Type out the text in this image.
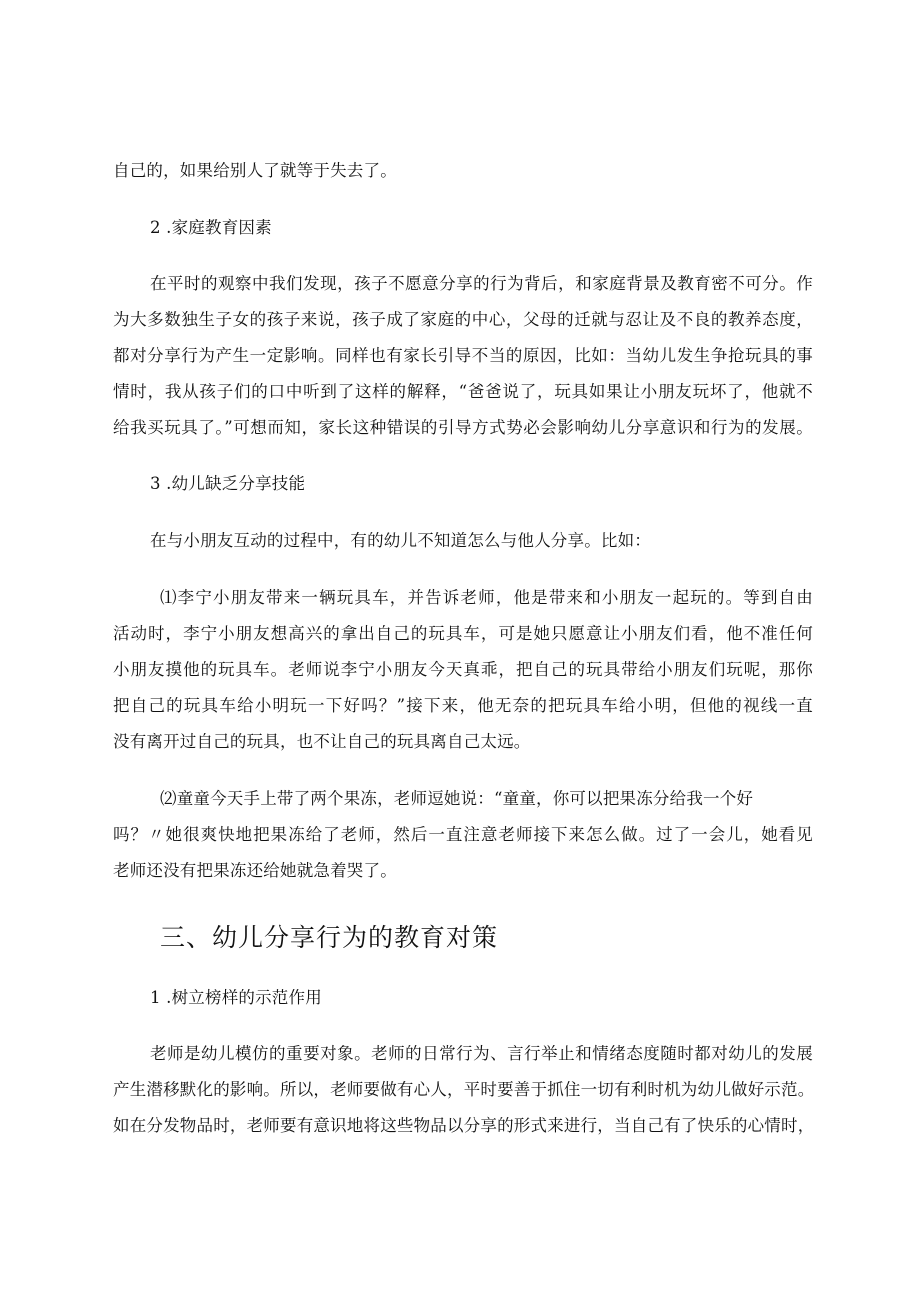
自己的，如果给别人了就等于失去了。
2 .家庭教育因素
在平时的观察中我们发现，孩子不愿意分享的行为背后，和家庭背景及教育密不可分。作
为大多数独生子女的孩子来说，孩子成了家庭的中心，父母的迁就与忍让及不良的教养态度，
都对分享行为产生一定影响。同样也有家长引导不当的原因，比如：当幼儿发生争抢玩具的事
情时，我从孩子们的口中听到了这样的解释，“爸爸说了，玩具如果让小朋友玩坏了，他就不
给我买玩具了。”可想而知，家长这种错误的引导方式势必会影响幼儿分享意识和行为的发展。
3 .幼儿缺乏分享技能
在与小朋友互动的过程中，有的幼儿不知道怎么与他人分享。比如：
⑴李宁小朋友带来一辆玩具车，并告诉老师，他是带来和小朋友一起玩的。等到自由
活动时，李宁小朋友想高兴的拿出自己的玩具车，可是她只愿意让小朋友们看，他不准任何
小朋友摸他的玩具车。老师说李宁小朋友今天真乖，把自己的玩具带给小朋友们玩呢，那你
把自己的玩具车给小明玩一下好吗？”接下来，他无奈的把玩具车给小明，但他的视线一直
没有离开过自己的玩具，也不让自己的玩具离自己太远。
⑵童童今天手上带了两个果冻，老师逗她说：“童童，你可以把果冻分给我一个好
吗？〃她很爽快地把果冻给了老师，然后一直注意老师接下来怎么做。过了一会儿，她看见
老师还没有把果冻还给她就急着哭了。
三、幼儿分享行为的教育对策
1 .树立榜样的示范作用
老师是幼儿模仿的重要对象。老师的日常行为、言行举止和情绪态度随时都对幼儿的发展
产生潜移默化的影响。所以，老师要做有心人，平时要善于抓住一切有利时机为幼儿做好示范。
如在分发物品时，老师要有意识地将这些物品以分享的形式来进行，当自己有了快乐的心情时，
